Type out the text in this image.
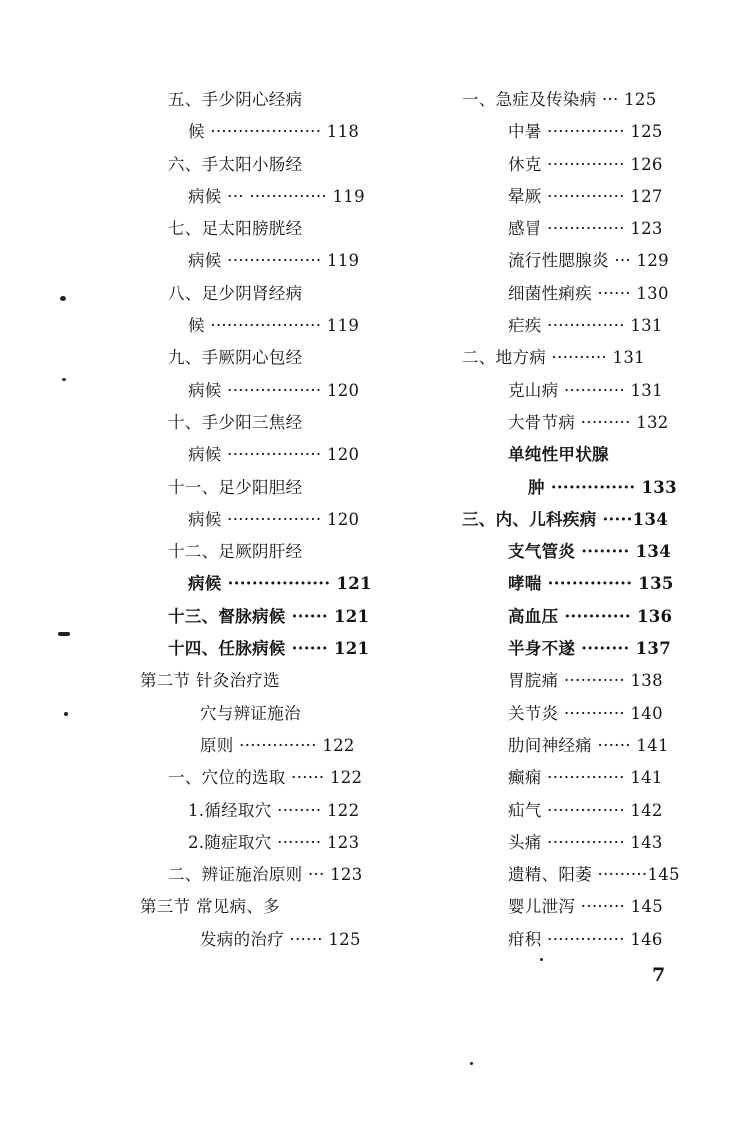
五、手少阴心经病
候 ···················· 118
六、手太阳小肠经
病候 ··· ·············· 119
七、足太阳膀胱经
病候 ················· 119
八、足少阴肾经病
候 ···················· 119
九、手厥阴心包经
病候 ················· 120
十、手少阳三焦经
病候 ················· 120
十一、足少阳胆经
病候 ················· 120
十二、足厥阴肝经
病候 ················· 121
十三、督脉病候 ······ 121
十四、任脉病候 ······ 121
第二节 针灸治疗选
穴与辨证施治
原则 ·············· 122
一、穴位的选取 ······ 122
1.循经取穴 ········ 122
2.随症取穴 ········ 123
二、辨证施治原则 ··· 123
第三节 常见病、多
发病的治疗 ······ 125
一、急症及传染病 ··· 125
中暑 ·············· 125
休克 ·············· 126
晕厥 ·············· 127
感冒 ·············· 123
流行性腮腺炎 ··· 129
细菌性痢疾 ······ 130
疟疾 ·············· 131
二、地方病 ·········· 131
克山病 ··········· 131
大骨节病 ········· 132
单纯性甲状腺
肿 ·············· 133
三、内、儿科疾病 ·····134
支气管炎 ········ 134
哮喘 ·············· 135
高血压 ··········· 136
半身不遂 ········ 137
胃脘痛 ··········· 138
关节炎 ··········· 140
肋间神经痛 ······ 141
癫痫 ·············· 141
疝气 ·············· 142
头痛 ·············· 143
遗精、阳萎 ·········145
婴儿泄泻 ········ 145
疳积 ·············· 146
7
